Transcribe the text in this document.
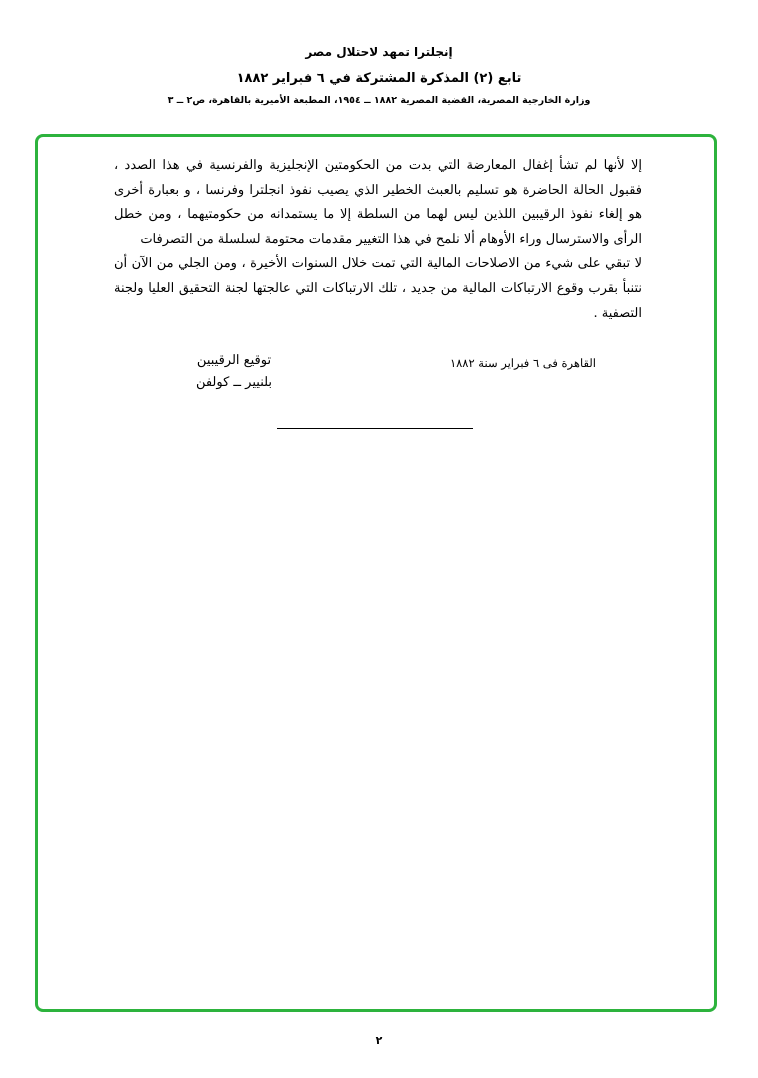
إنجلترا تمهد لاحتلال مصر
تابع (٢) المذكرة المشتركة في ٦ فبراير ١٨٨٢
وزارة الخارجية المصرية، القضية المصرية ١٨٨٢ ــ ١٩٥٤، المطبعة الأميرية بالقاهرة، ص٢ ــ ٣

إلا لأنها لم تشأ إغفال المعارضة التي بدت من الحكومتين الإنجليزية والفرنسية في هذا الصدد ، فقبول الحالة الحاضرة هو تسليم بالعبث الخطير الذي يصيب نفوذ انجلترا وفرنسا ، و بعبارة أخرى هو إلغاء نفوذ الرقيبين اللذين ليس لهما من السلطة إلا ما يستمدانه من حكومتيهما ، ومن خطل الرأى والاسترسال وراء الأوهام ألا نلمح في هذا التغيير مقدمات محتومة لسلسلة من التصرفات

لا تبقي على شيء من الاصلاحات المالية التي تمت خلال السنوات الأخيرة ، ومن الجلي من الآن أن نتنبأ بقرب وقوع الارتباكات المالية من جديد ، تلك الارتباكات التي عالجتها لجنة التحقيق العليا ولجنة التصفية .

القاهرة فى ٦ فبراير سنة ١٨٨٢
توقيع الرقيبين
بلنيير ــ كولفن
٢
